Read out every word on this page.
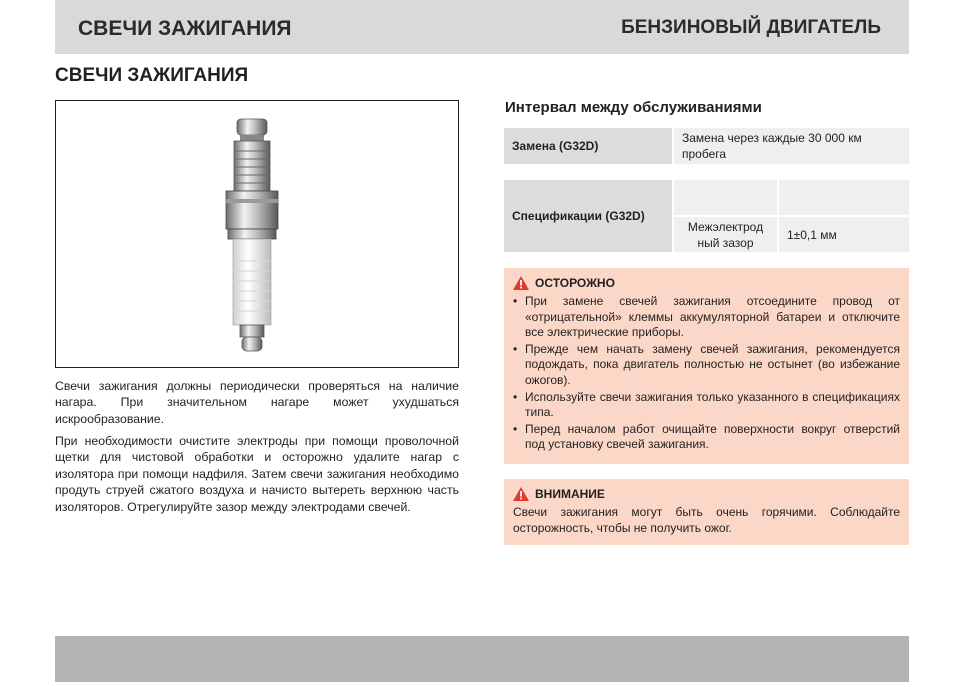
СВЕЧИ ЗАЖИГАНИЯ	БЕНЗИНОВЫЙ ДВИГАТЕЛЬ
СВЕЧИ ЗАЖИГАНИЯ
Свечи зажигания должны периодически проверяться на наличие нагара. При значительном нагаре может ухудшаться искрообразование.
При необходимости очистите электроды при помощи проволочной щетки для чистовой обработки и осторожно удалите нагар с изолятора при помощи надфиля. Затем свечи зажигания необходимо продуть струей сжатого воздуха и начисто вытереть верхнюю часть изоляторов. Отрегулируйте зазор между электродами свечей.
Интервал между обслуживаниями
Замена (G32D)
Замена через каждые 30 000 км пробега
Спецификации (G32D)
Межэлектрод ный зазор
1±0,1 мм
ОСТОРОЖНО
• При замене свечей зажигания отсоедините провод от «отрицательной» клеммы аккумуляторной батареи и отключите все электрические приборы.
• Прежде чем начать замену свечей зажигания, рекомендуется подождать, пока двигатель полностью не остынет (во избежание ожогов).
• Используйте свечи зажигания только указанного в спецификациях типа.
• Перед началом работ очищайте поверхности вокруг отверстий под установку свечей зажигания.
ВНИМАНИЕ
Свечи зажигания могут быть очень горячими. Соблюдайте осторожность, чтобы не получить ожог.
